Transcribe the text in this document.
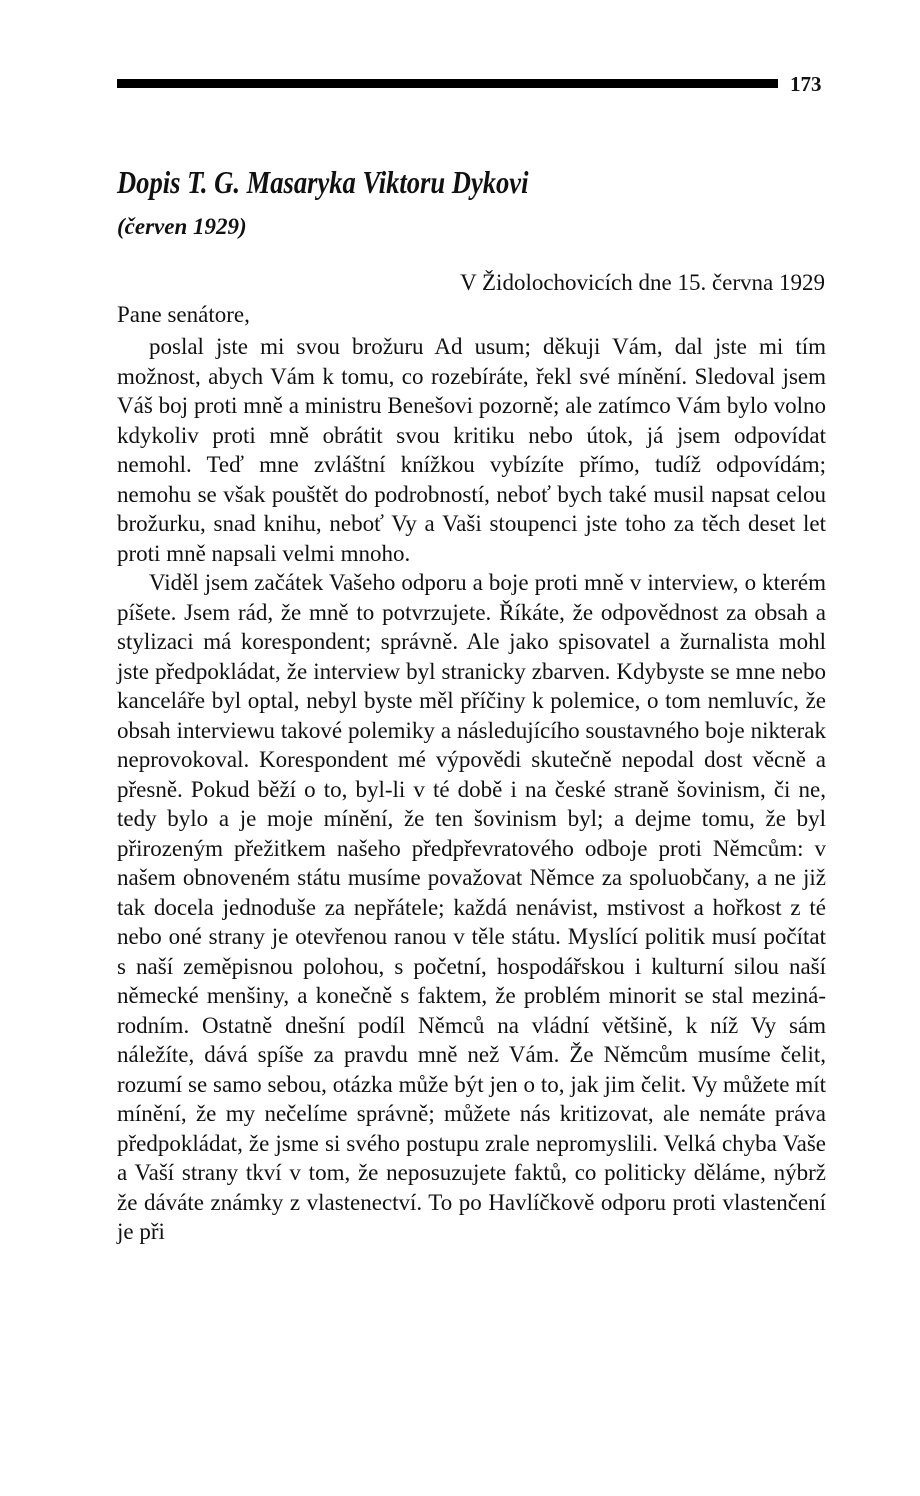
173
Dopis T. G. Masaryka Viktoru Dykovi
(červen 1929)
V Židolochovicích dne 15. června 1929

Pane senátore,

poslal jste mi svou brožuru Ad usum; děkuji Vám, dal jste mi tím možnost, abych Vám k tomu, co rozebíráte, řekl své mínění. Sledoval jsem Váš boj proti mně a ministru Benešovi pozorně; ale zatímco Vám bylo volno kdykoliv proti mně obrátit svou kritiku nebo útok, já jsem odpovídat nemohl. Teď mne zvláštní knížkou vybízíte přímo, tudíž odpovídám; nemohu se však pouštět do podrobností, neboť bych také musil napsat celou brožurku, snad knihu, neboť Vy a Vaši stoupenci jste toho za těch deset let proti mně napsali velmi mnoho.

Viděl jsem začátek Vašeho odporu a boje proti mně v interview, o kterém píšete. Jsem rád, že mně to potvrzujete. Říkáte, že odpovědnost za obsah a stylizaci má korespondent; správně. Ale jako spisovatel a žurnalista mohl jste předpokládat, že interview byl stranicky zbarven. Kdybyste se mne nebo kanceláře byl optal, nebyl byste měl příčiny k polemice, o tom nemluvíc, že obsah interviewu takové polemiky a následujícího soustavného boje nikterak neprovokoval. Korespondent mé výpovědi skutečně nepodal dost věcně a přesně. Pokud běží o to, byl-li v té době i na české straně šovinism, či ne, tedy bylo a je moje mínění, že ten šovinism byl; a dejme tomu, že byl přirozeným přežitkem našeho předpřevratového odboje proti Němcům: v našem obnoveném státu musíme považovat Němce za spoluobčany, a ne již tak docela jednoduše za nepřátele; každá nenávist, mstivost a hořkost z té nebo oné strany je otevřenou ranou v těle státu. Myslící politik musí počítat s naší zeměpisnou polohou, s početní, hospodářskou i kulturní silou naší německé menšiny, a konečně s faktem, že problém minorit se stal mezinárodním. Ostatně dnešní podíl Němců na vládní většině, k níž Vy sám náležíte, dává spíše za pravdu mně než Vám. Že Němcům musíme čelit, rozumí se samo sebou, otázka může být jen o to, jak jim čelit. Vy můžete mít mínění, že my nečelíme správně; můžete nás kritizovat, ale nemáte práva předpokládat, že jsme si svého postupu zrale nepromyslili. Velká chyba Vaše a Vaší strany tkví v tom, že neposuzujete faktů, co politicky děláme, nýbrž že dáváte známky z vlastenectví. To po Havlíčkově odporu proti vlastenčení je při
